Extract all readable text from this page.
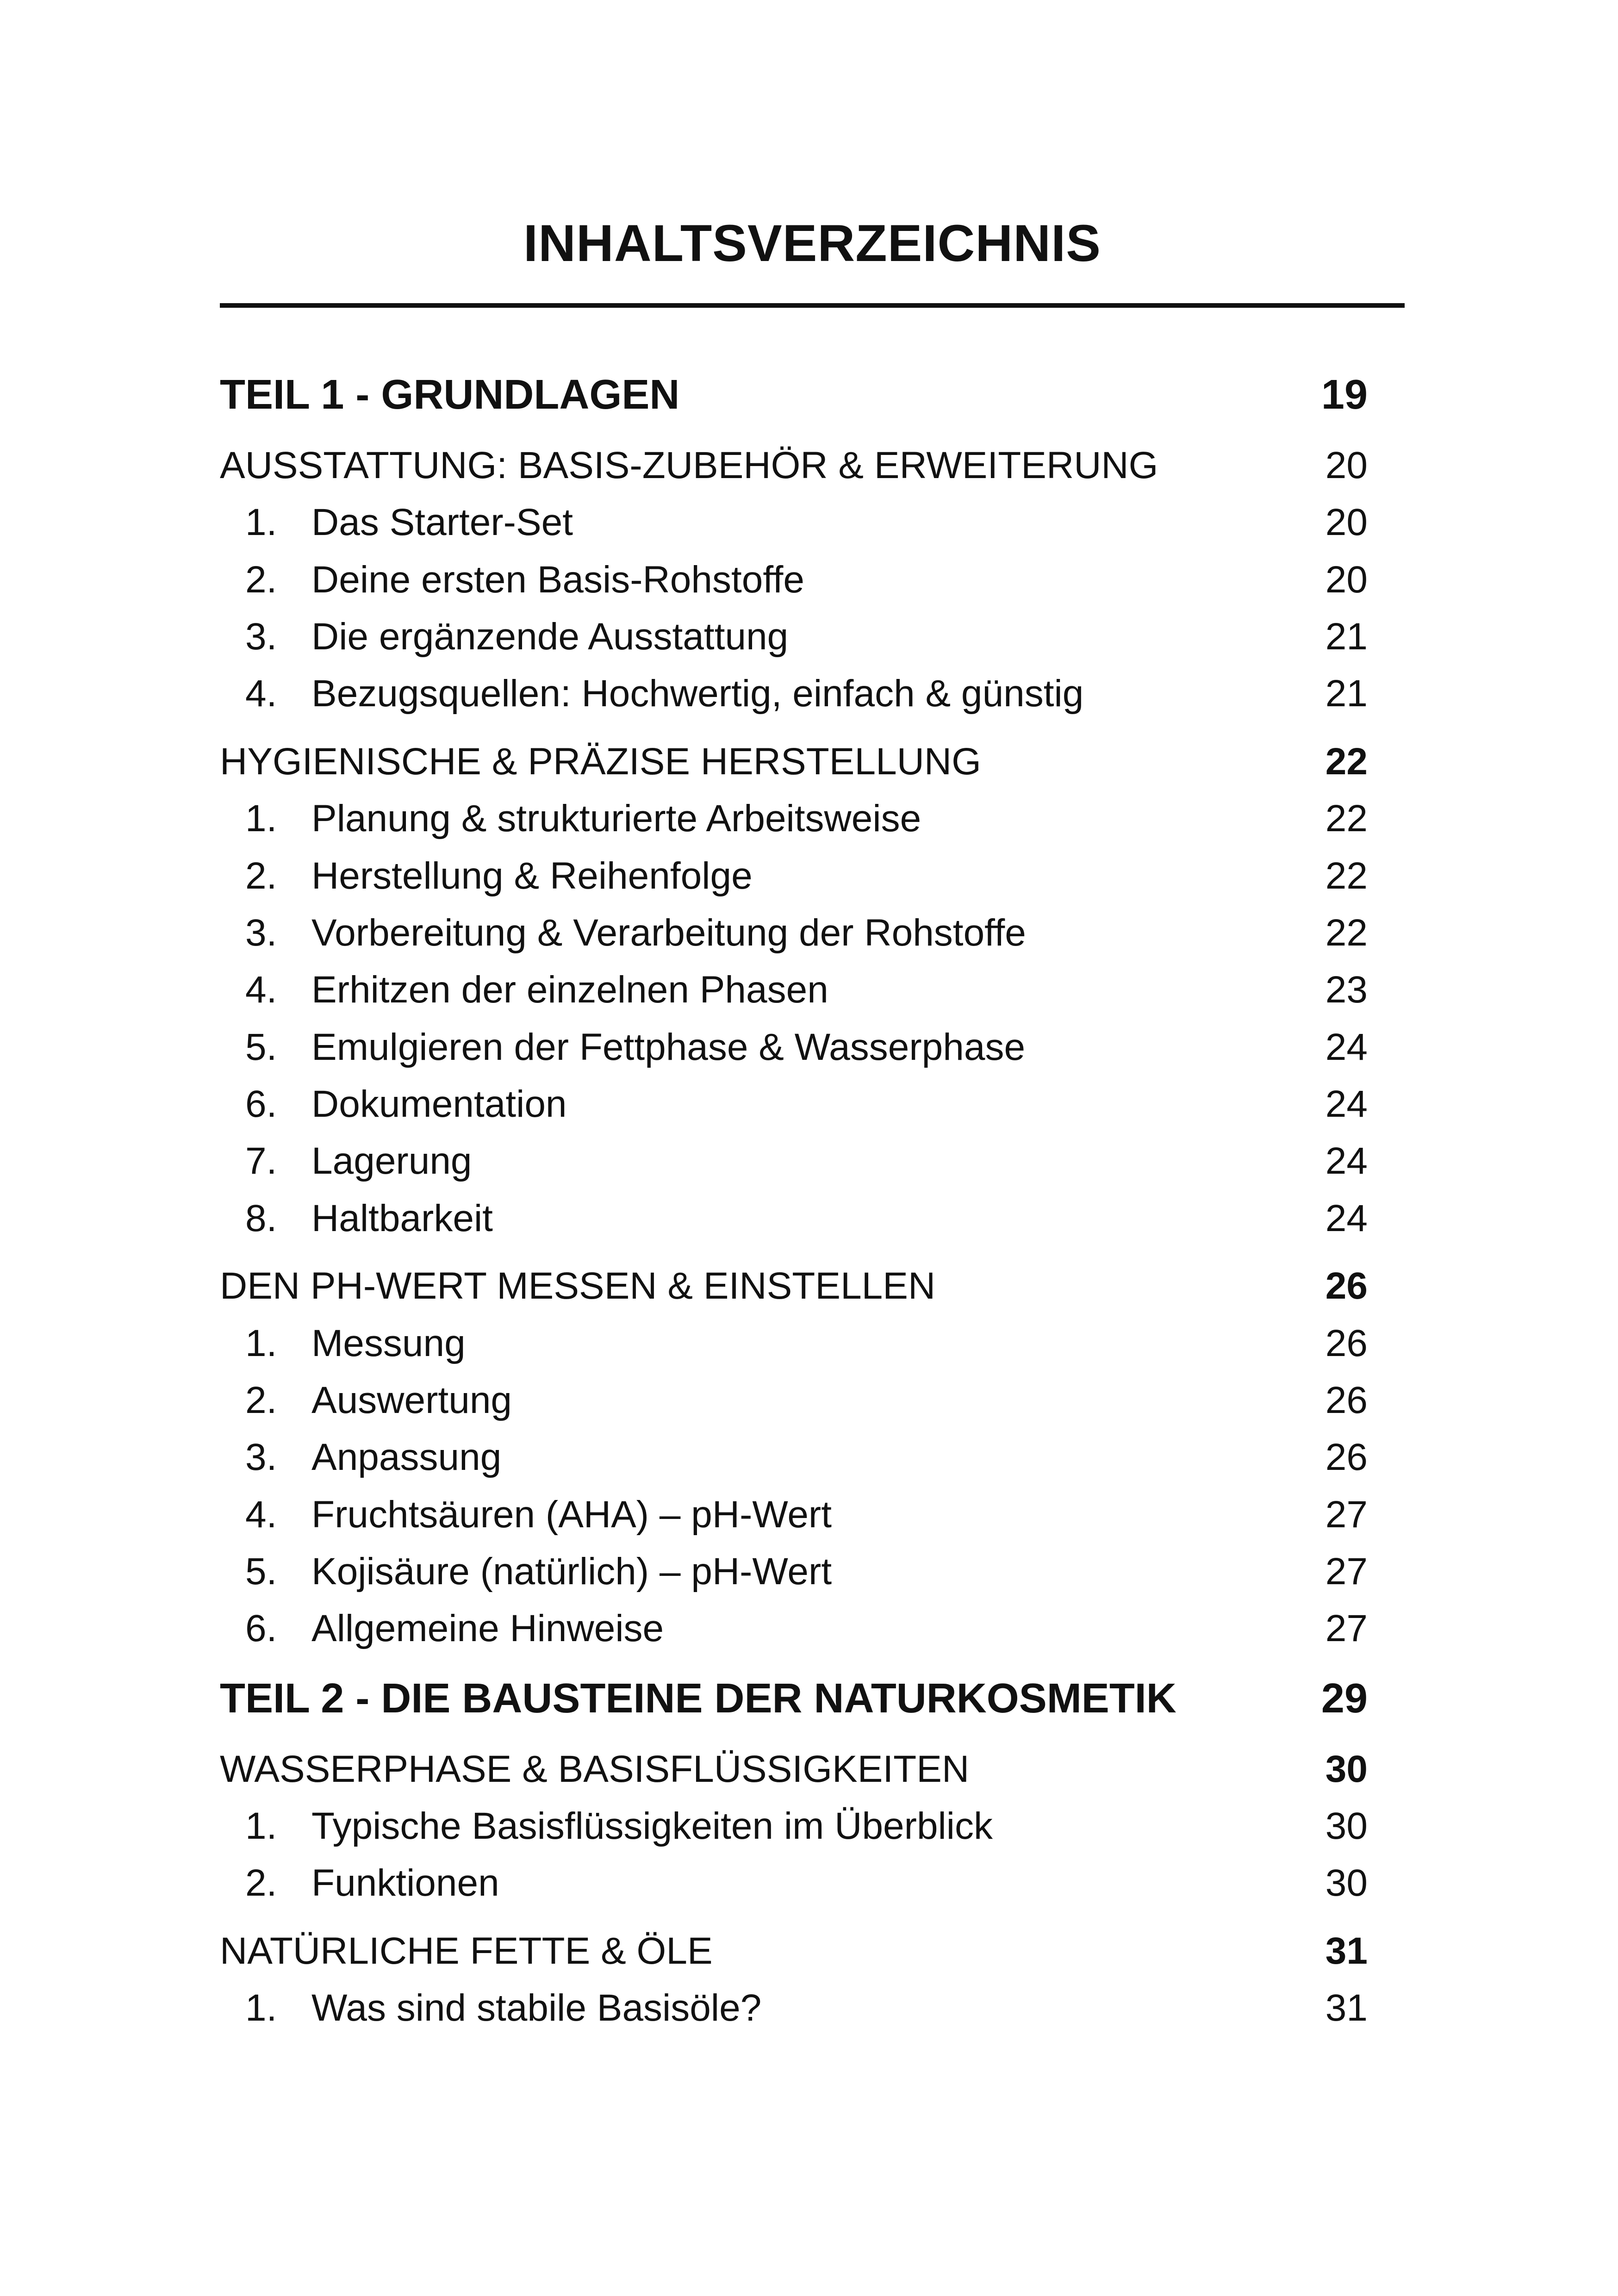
INHALTSVERZEICHNIS
TEIL 1 - GRUNDLAGEN	19
AUSSTATTUNG: BASIS-ZUBEHÖR & ERWEITERUNG	20
1. Das Starter-Set	20
2. Deine ersten Basis-Rohstoffe	20
3. Die ergänzende Ausstattung	21
4. Bezugsquellen: Hochwertig, einfach & günstig	21
HYGIENISCHE & PRÄZISE HERSTELLUNG	22
1. Planung & strukturierte Arbeitsweise	22
2. Herstellung & Reihenfolge	22
3. Vorbereitung & Verarbeitung der Rohstoffe	22
4. Erhitzen der einzelnen Phasen	23
5. Emulgieren der Fettphase & Wasserphase	24
6. Dokumentation	24
7. Lagerung	24
8. Haltbarkeit	24
DEN PH-WERT MESSEN & EINSTELLEN	26
1. Messung	26
2. Auswertung	26
3. Anpassung	26
4. Fruchtsäuren (AHA) – pH-Wert	27
5. Kojisäure (natürlich) – pH-Wert	27
6. Allgemeine Hinweise	27
TEIL 2 - DIE BAUSTEINE DER NATURKOSMETIK	29
WASSERPHASE & BASISFLÜSSIGKEITEN	30
1. Typische Basisflüssigkeiten im Überblick	30
2. Funktionen	30
NATÜRLICHE FETTE & ÖLE	31
1. Was sind stabile Basisöle?	31
